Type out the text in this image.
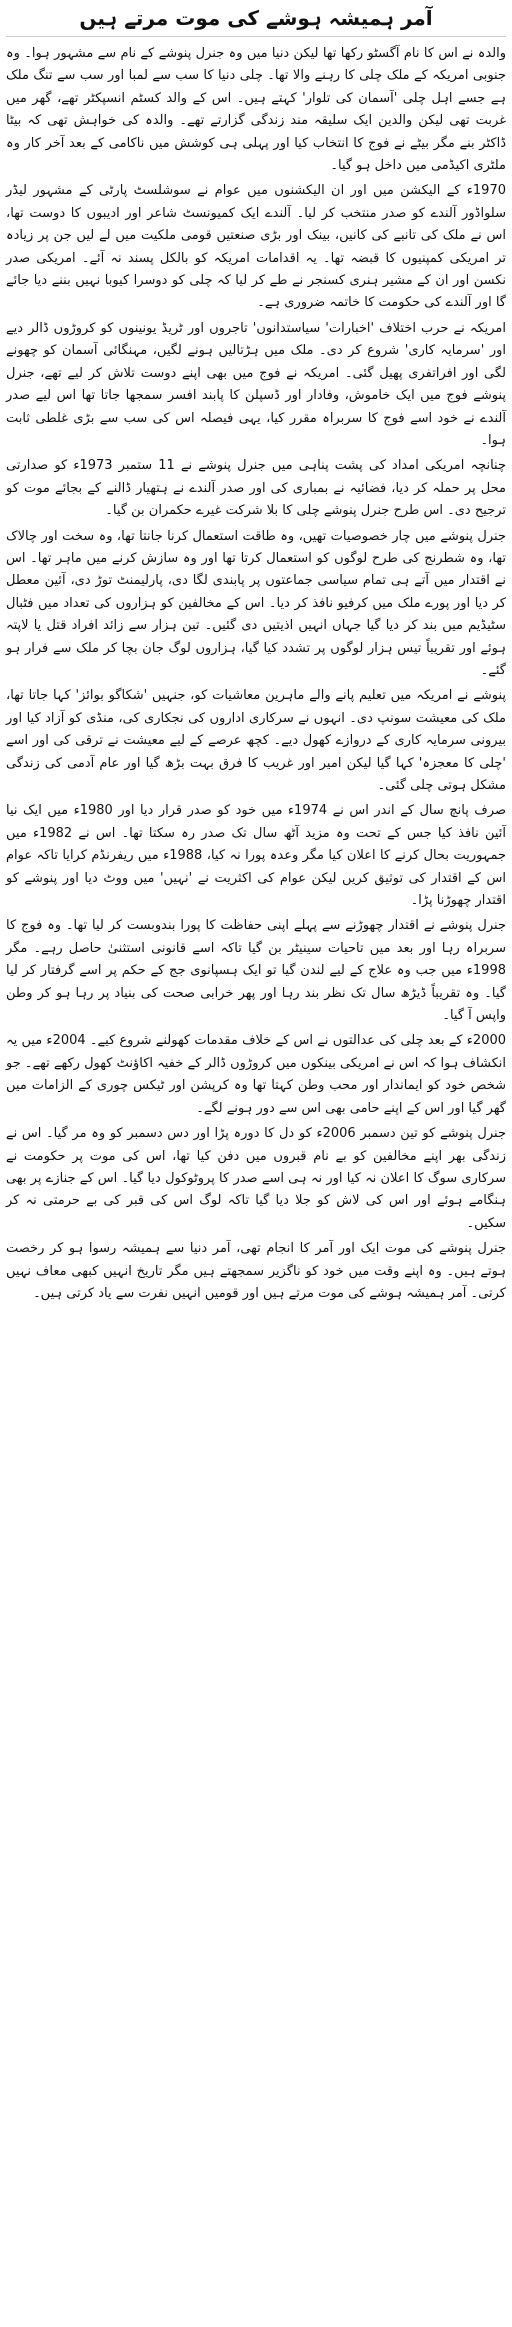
آمر ہمیشہ ہوشے کی موت مرتے ہیں

والدہ نے اس کا نام آگسٹو رکھا تھا لیکن دنیا میں وہ جنرل پنوشے کے نام سے مشہور ہوا۔ وہ جنوبی امریکہ کے ملک چلی کا رہنے والا تھا۔ چلی دنیا کا سب سے لمبا اور سب سے تنگ ملک ہے جسے اہل چلی 'آسمان کی تلوار' کہتے ہیں۔ اس کے والد کسٹم انسپکٹر تھے، گھر میں غربت تھی لیکن والدین ایک سلیقہ مند زندگی گزارتے تھے۔ والدہ کی خواہش تھی کہ بیٹا ڈاکٹر بنے مگر بیٹے نے فوج کا انتخاب کیا اور پہلی ہی کوشش میں ناکامی کے بعد آخر کار وہ ملٹری اکیڈمی میں داخل ہو گیا۔

1970ء کے الیکشن میں اور ان الیکشنوں میں عوام نے سوشلسٹ پارٹی کے مشہور لیڈر سلواڈور آلندے کو صدر منتخب کر لیا۔ آلندے ایک کمیونسٹ شاعر اور ادیبوں کا دوست تھا، اس نے ملک کی تانبے کی کانیں، بینک اور بڑی صنعتیں قومی ملکیت میں لے لیں جن پر زیادہ تر امریکی کمپنیوں کا قبضہ تھا۔ یہ اقدامات امریکہ کو بالکل پسند نہ آئے۔ امریکی صدر نکسن اور ان کے مشیر ہنری کسنجر نے طے کر لیا کہ چلی کو دوسرا کیوبا نہیں بننے دیا جائے گا اور آلندے کی حکومت کا خاتمہ ضروری ہے۔

امریکہ نے حرب اختلاف 'اخبارات' سیاستدانوں' تاجروں اور ٹریڈ یونینوں کو کروڑوں ڈالر دیے اور 'سرمایہ کاری' شروع کر دی۔ ملک میں ہڑتالیں ہونے لگیں، مہنگائی آسمان کو چھونے لگی اور افراتفری پھیل گئی۔ امریکہ نے فوج میں بھی اپنے دوست تلاش کر لیے تھے، جنرل پنوشے فوج میں ایک خاموش، وفادار اور ڈسپلن کا پابند افسر سمجھا جاتا تھا اس لیے صدر آلندے نے خود اسے فوج کا سربراہ مقرر کیا، یہی فیصلہ اس کی سب سے بڑی غلطی ثابت ہوا۔

چنانچہ امریکی امداد کی پشت پناہی میں جنرل پنوشے نے 11 ستمبر 1973ء کو صدارتی محل پر حملہ کر دیا، فضائیہ نے بمباری کی اور صدر آلندے نے ہتھیار ڈالنے کے بجائے موت کو ترجیح دی۔ اس طرح جنرل پنوشے چلی کا بلا شرکت غیرے حکمران بن گیا۔

جنرل پنوشے میں چار خصوصیات تھیں، وہ طاقت استعمال کرنا جانتا تھا، وہ سخت اور چالاک تھا، وہ شطرنج کی طرح لوگوں کو استعمال کرتا تھا اور وہ سازش کرنے میں ماہر تھا۔ اس نے اقتدار میں آتے ہی تمام سیاسی جماعتوں پر پابندی لگا دی، پارلیمنٹ توڑ دی، آئین معطل کر دیا اور پورے ملک میں کرفیو نافذ کر دیا۔ اس کے مخالفین کو ہزاروں کی تعداد میں فٹبال سٹیڈیم میں بند کر دیا گیا جہاں انہیں اذیتیں دی گئیں۔ تین ہزار سے زائد افراد قتل یا لاپتہ ہوئے اور تقریباً تیس ہزار لوگوں پر تشدد کیا گیا، ہزاروں لوگ جان بچا کر ملک سے فرار ہو گئے۔

پنوشے نے امریکہ میں تعلیم پانے والے ماہرین معاشیات کو، جنہیں 'شکاگو بوائز' کہا جاتا تھا، ملک کی معیشت سونپ دی۔ انہوں نے سرکاری اداروں کی نجکاری کی، منڈی کو آزاد کیا اور بیرونی سرمایہ کاری کے دروازے کھول دیے۔ کچھ عرصے کے لیے معیشت نے ترقی کی اور اسے 'چلی کا معجزہ' کہا گیا لیکن امیر اور غریب کا فرق بہت بڑھ گیا اور عام آدمی کی زندگی مشکل ہوتی چلی گئی۔

صرف پانچ سال کے اندر اس نے 1974ء میں خود کو صدر قرار دیا اور 1980ء میں ایک نیا آئین نافذ کیا جس کے تحت وہ مزید آٹھ سال تک صدر رہ سکتا تھا۔ اس نے 1982ء میں جمہوریت بحال کرنے کا اعلان کیا مگر وعدہ پورا نہ کیا، 1988ء میں ریفرنڈم کرایا تاکہ عوام اس کے اقتدار کی توثیق کریں لیکن عوام کی اکثریت نے 'نہیں' میں ووٹ دیا اور پنوشے کو اقتدار چھوڑنا پڑا۔

جنرل پنوشے نے اقتدار چھوڑنے سے پہلے اپنی حفاظت کا پورا بندوبست کر لیا تھا۔ وہ فوج کا سربراہ رہا اور بعد میں تاحیات سینیٹر بن گیا تاکہ اسے قانونی استثنیٰ حاصل رہے۔ مگر 1998ء میں جب وہ علاج کے لیے لندن گیا تو ایک ہسپانوی جج کے حکم پر اسے گرفتار کر لیا گیا۔ وہ تقریباً ڈیڑھ سال تک نظر بند رہا اور پھر خرابی صحت کی بنیاد پر رہا ہو کر وطن واپس آ گیا۔

2000ء کے بعد چلی کی عدالتوں نے اس کے خلاف مقدمات کھولنے شروع کیے۔ 2004ء میں یہ انکشاف ہوا کہ اس نے امریکی بینکوں میں کروڑوں ڈالر کے خفیہ اکاؤنٹ کھول رکھے تھے۔ جو شخص خود کو ایماندار اور محب وطن کہتا تھا وہ کرپشن اور ٹیکس چوری کے الزامات میں گھر گیا اور اس کے اپنے حامی بھی اس سے دور ہونے لگے۔

جنرل پنوشے کو تین دسمبر 2006ء کو دل کا دورہ پڑا اور دس دسمبر کو وہ مر گیا۔ اس نے زندگی بھر اپنے مخالفین کو بے نام قبروں میں دفن کیا تھا، اس کی موت پر حکومت نے سرکاری سوگ کا اعلان نہ کیا اور نہ ہی اسے صدر کا پروٹوکول دیا گیا۔ اس کے جنازے پر بھی ہنگامے ہوئے اور اس کی لاش کو جلا دیا گیا تاکہ لوگ اس کی قبر کی بے حرمتی نہ کر سکیں۔

جنرل پنوشے کی موت ایک اور آمر کا انجام تھی، آمر دنیا سے ہمیشہ رسوا ہو کر رخصت ہوتے ہیں۔ وہ اپنے وقت میں خود کو ناگزیر سمجھتے ہیں مگر تاریخ انہیں کبھی معاف نہیں کرتی۔ آمر ہمیشہ ہوشے کی موت مرتے ہیں اور قومیں انہیں نفرت سے یاد کرتی ہیں۔
